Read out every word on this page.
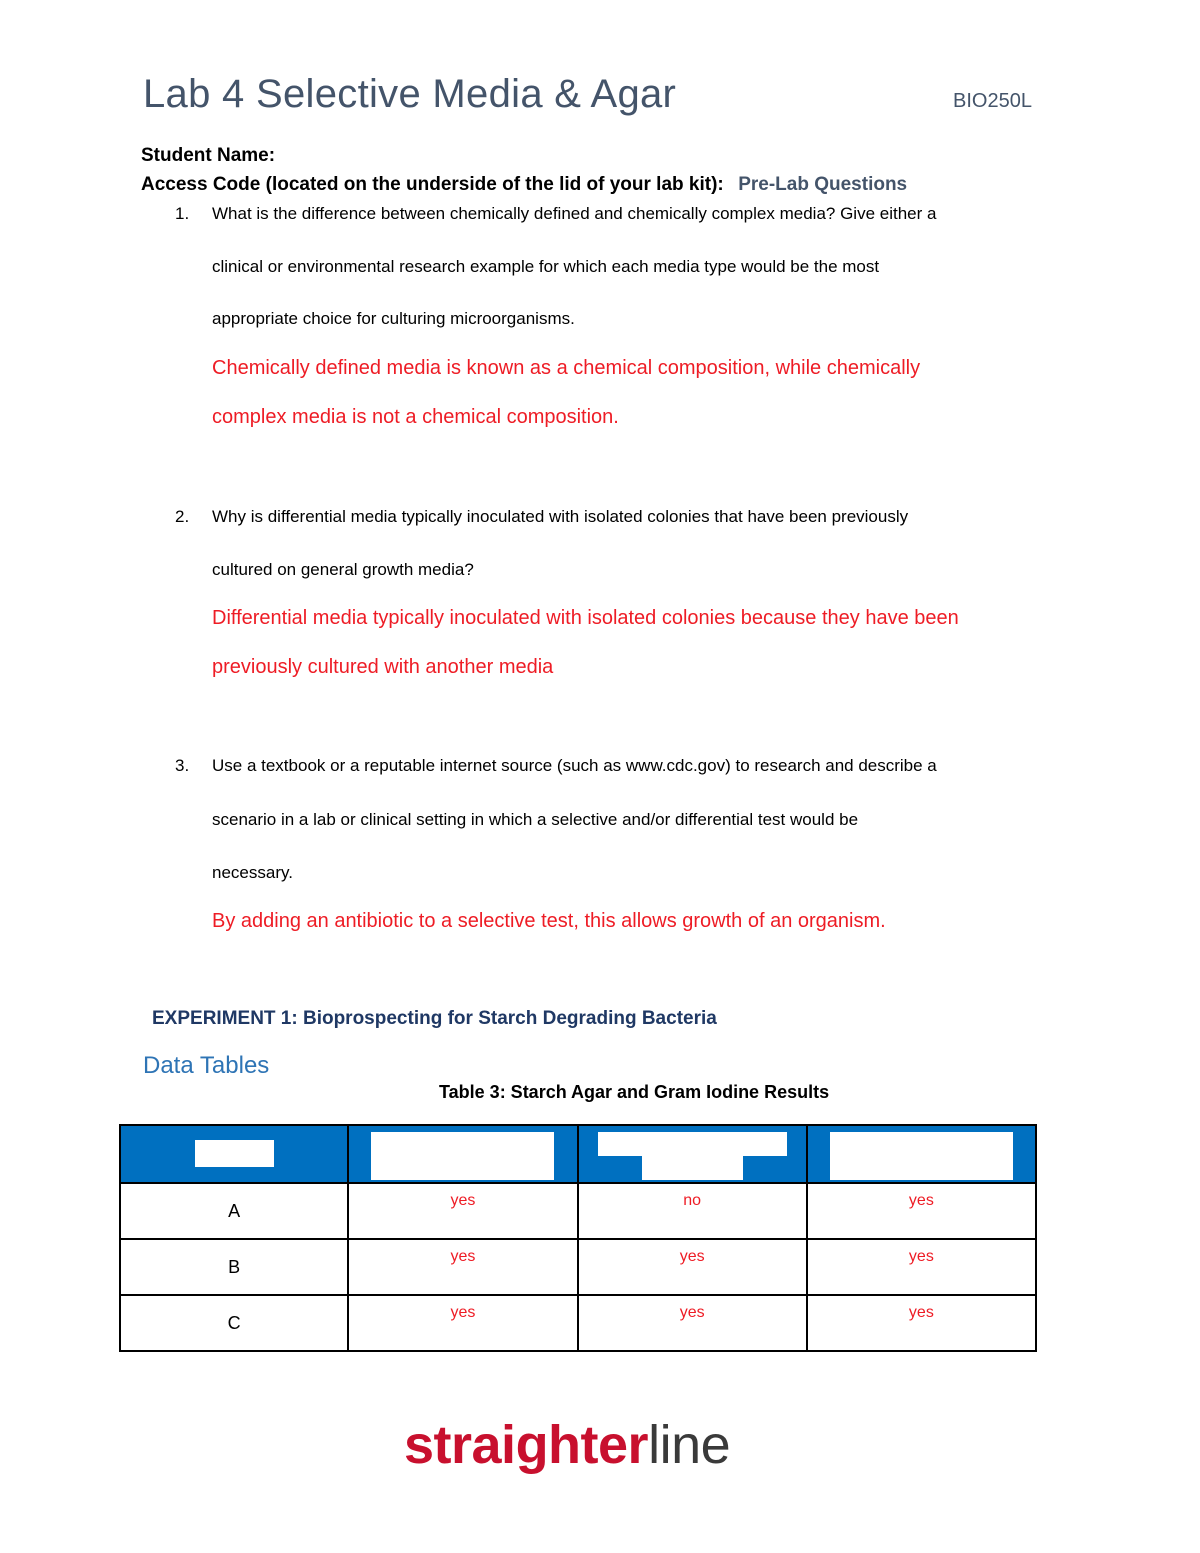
Lab 4 Selective Media & Agar	BIO250L
Student Name:
Access Code (located on the underside of the lid of your lab kit): Pre-Lab Questions
1. What is the difference between chemically defined and chemically complex media? Give either a
clinical or environmental research example for which each media type would be the most
appropriate choice for culturing microorganisms.
Chemically defined media is known as a chemical composition, while chemically
complex media is not a chemical composition.
2. Why is differential media typically inoculated with isolated colonies that have been previously
cultured on general growth media?
Differential media typically inoculated with isolated colonies because they have been
previously cultured with another media
3. Use a textbook or a reputable internet source (such as www.cdc.gov) to research and describe a
scenario in a lab or clinical setting in which a selective and/or differential test would be
necessary.
By adding an antibiotic to a selective test, this allows growth of an organism.
EXPERIMENT 1: Bioprospecting for Starch Degrading Bacteria
Data Tables
Table 3: Starch Agar and Gram Iodine Results

A	yes	no	yes

B	yes	yes	yes

C	yes	yes	yes
straighterline
